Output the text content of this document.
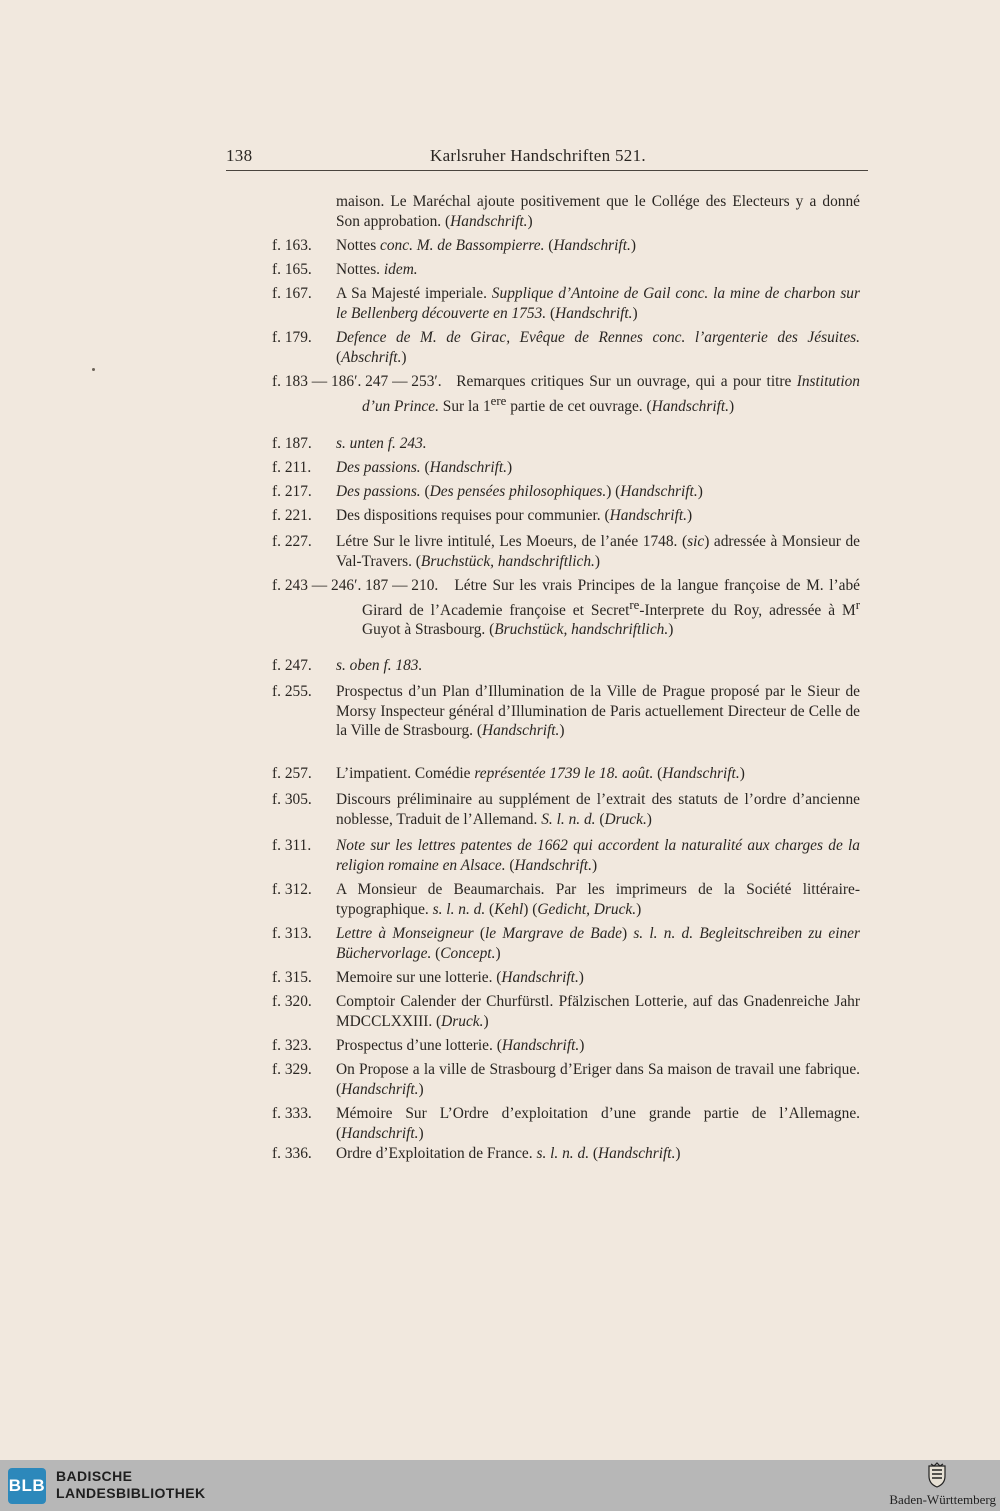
138	Karlsruher Handschriften 521.
maison. Le Maréchal ajoute positivement que le Collége des Electeurs y a donné Son approbation. (Handschrift.)
f. 163. Nottes conc. M. de Bassompierre. (Handschrift.)
f. 165. Nottes. idem.
f. 167. A Sa Majesté imperiale. Supplique d’Antoine de Gail conc. la mine de charbon sur le Bellenberg découverte en 1753. (Handschrift.)
f. 179. Defence de M. de Girac, Evêque de Rennes conc. l’argenterie des Jésuites. (Abschrift.)
f. 183 — 186′. 247 — 253′. Remarques critiques Sur un ouvrage, qui a pour titre Institution d’un Prince. Sur la 1ere partie de cet ouvrage. (Handschrift.)
f. 187. s. unten f. 243.
f. 211. Des passions. (Handschrift.)
f. 217. Des passions. (Des pensées philosophiques.) (Handschrift.)
f. 221. Des dispositions requises pour communier. (Handschrift.)
f. 227. Létre Sur le livre intitulé, Les Moeurs, de l’anée 1748. (sic) adressée à Monsieur de Val-Travers. (Bruchstück, handschriftlich.)
f. 243 — 246′. 187 — 210. Létre Sur les vrais Principes de la langue françoise de M. l’abé Girard de l’Academie françoise et Secret$^{re}$-Interprete du Roy, adressée à $M^r$ Guyot à Strasbourg. (Bruchstück, handschriftlich.)
f. 247. s. oben f. 183.
f. 255. Prospectus d’un Plan d’Illumination de la Ville de Prague proposé par le Sieur de Morsy Inspecteur général d’Illumination de Paris actuellement Directeur de Celle de la Ville de Strasbourg. (Handschrift.)
f. 257. L’impatient. Comédie représentée 1739 le 18. août. (Handschrift.)
f. 305. Discours préliminaire au supplément de l’extrait des statuts de l’ordre d’ancienne noblesse, Traduit de l’Allemand. S. l. n. d. (Druck.)
f. 311. Note sur les lettres patentes de 1662 qui accordent la naturalité aux charges de la religion romaine en Alsace. (Handschrift.)
f. 312. A Monsieur de Beaumarchais. Par les imprimeurs de la Société littéraire-typographique. s. l. n. d. (Kehl) (Gedicht, Druck.)
f. 313. Lettre à Monseigneur (le Margrave de Bade) s. l. n. d. Begleitschreiben zu einer Büchervorlage. (Concept.)
f. 315. Memoire sur une lotterie. (Handschrift.)
f. 320. Comptoir Calender der Churfürstl. Pfälzischen Lotterie, auf das Gnadenreiche Jahr MDCCLXXIII. (Druck.)
f. 323. Prospectus d’une lotterie. (Handschrift.)
f. 329. On Propose a la ville de Strasbourg d’Eriger dans Sa maison de travail une fabrique. (Handschrift.)
f. 333. Mémoire Sur L’Ordre d’exploitation d’une grande partie de l’Allemagne. (Handschrift.)
f. 336. Ordre d’Exploitation de France. s. l. n. d. (Handschrift.)
BLB BADISCHE
LANDESBIBLIOTHEK	Baden-Württemberg
